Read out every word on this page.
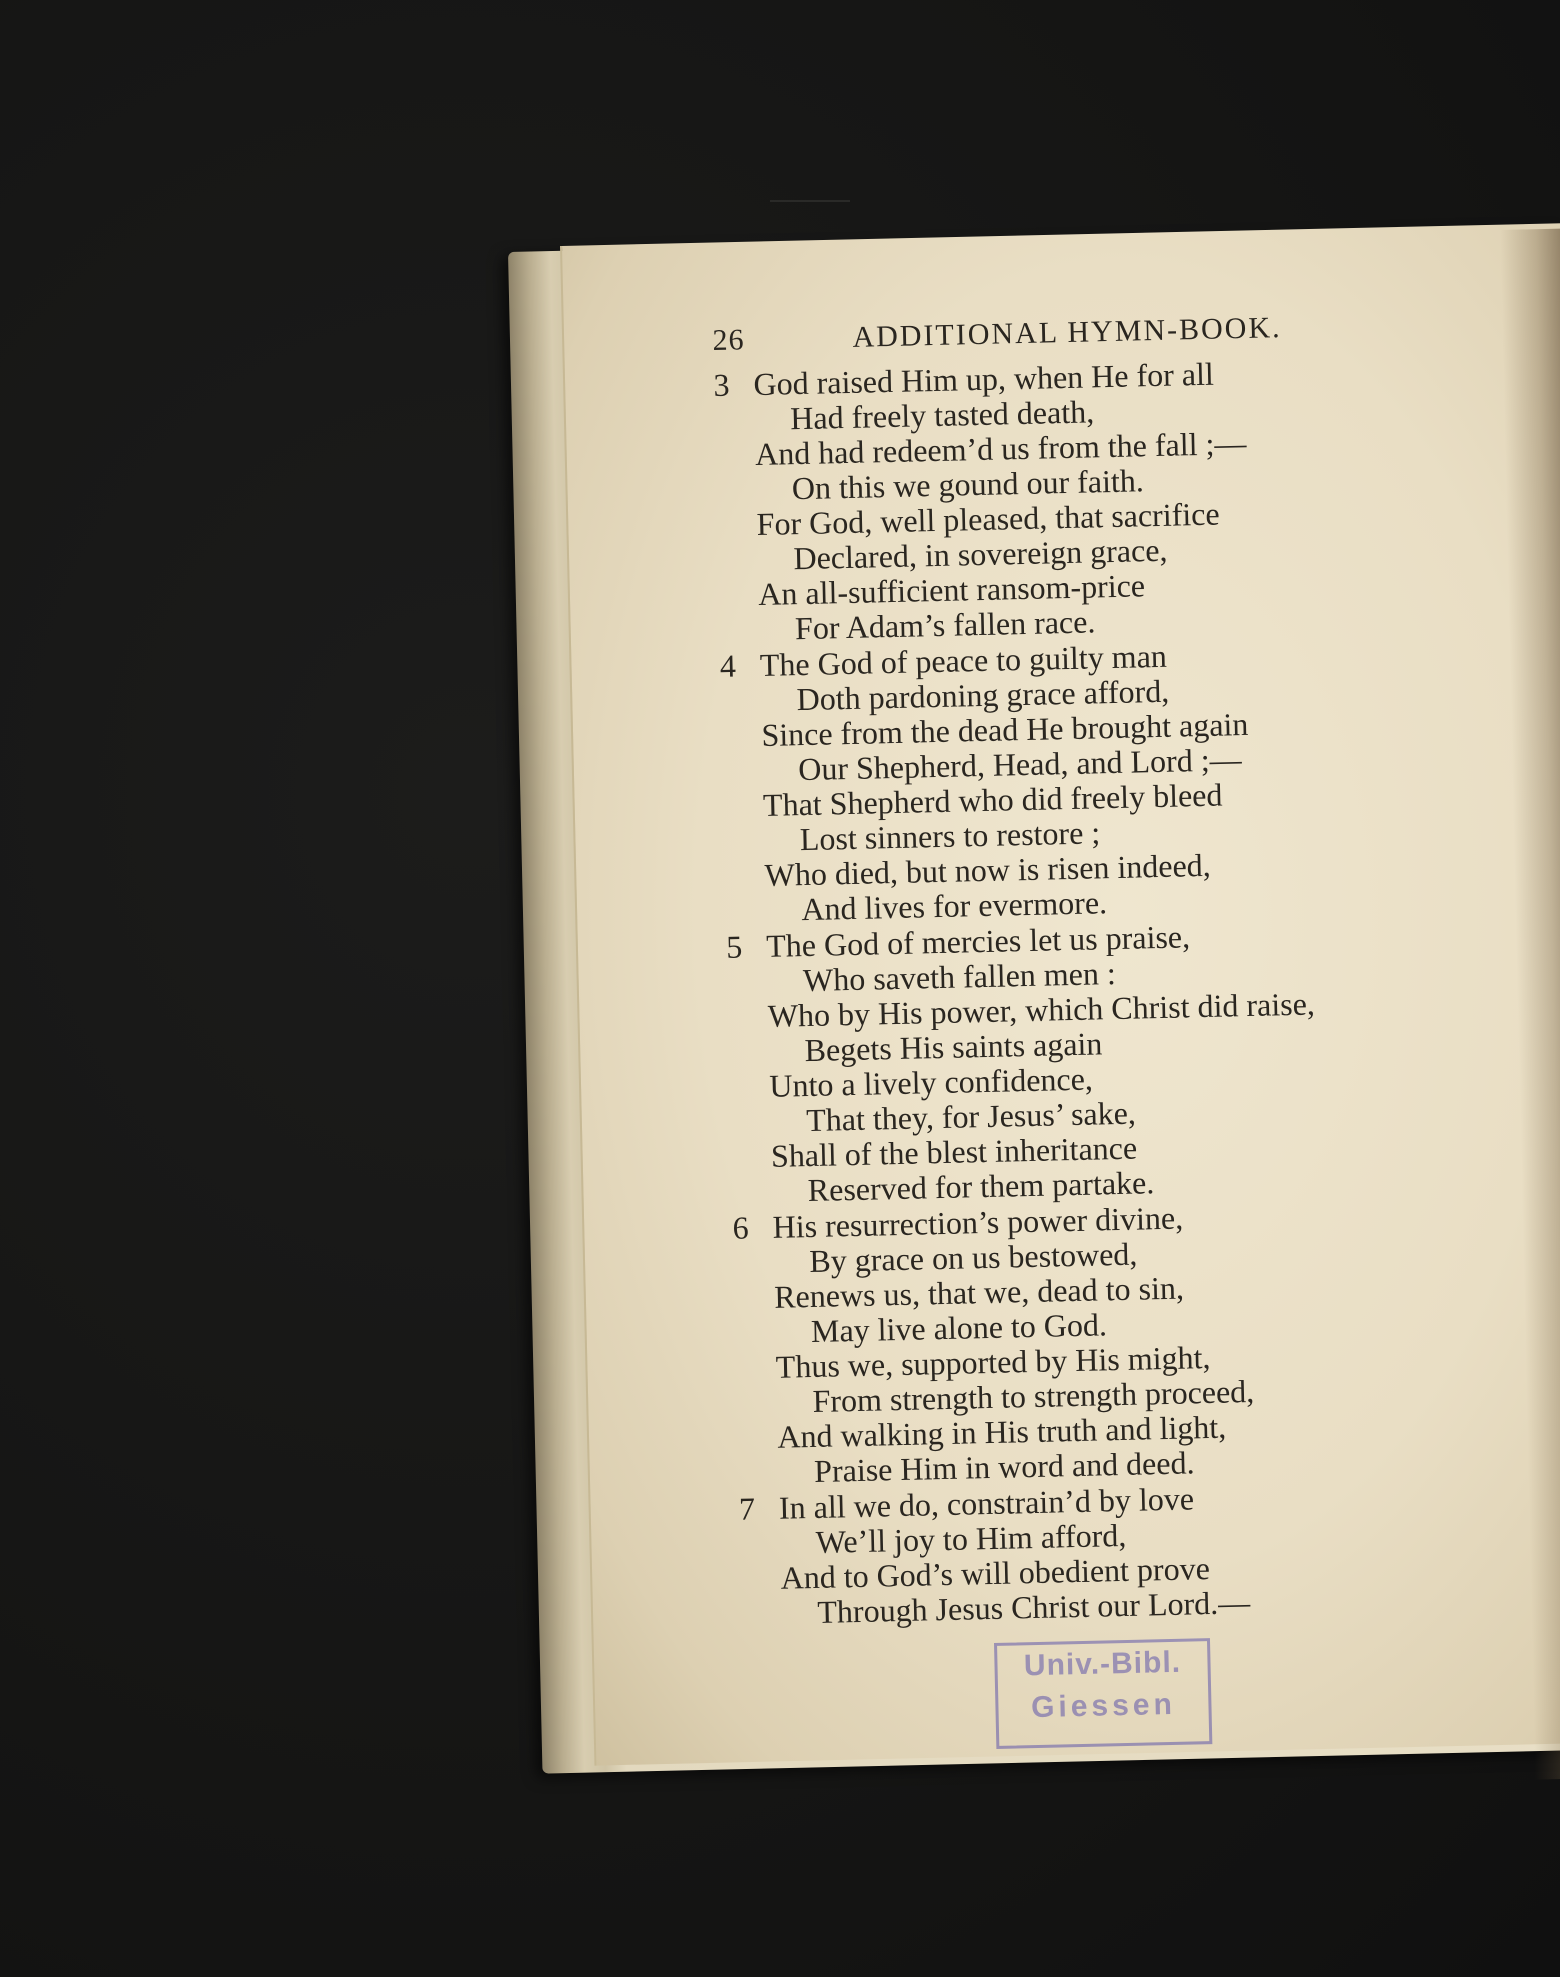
26	ADDITIONAL HYMN-BOOK.
3 God raised Him up, when He for all
Had freely tasted death,
And had redeem’d us from the fall ;—
On this we gound our faith.
For God, well pleased, that sacrifice
Declared, in sovereign grace,
An all-sufficient ransom-price
For Adam’s fallen race.
4 The God of peace to guilty man
Doth pardoning grace afford,
Since from the dead He brought again
Our Shepherd, Head, and Lord ;—
That Shepherd who did freely bleed
Lost sinners to restore ;
Who died, but now is risen indeed,
And lives for evermore.
5 The God of mercies let us praise,
Who saveth fallen men :
Who by His power, which Christ did raise,
Begets His saints again
Unto a lively confidence,
That they, for Jesus’ sake,
Shall of the blest inheritance
Reserved for them partake.
6 His resurrection’s power divine,
By grace on us bestowed,
Renews us, that we, dead to sin,
May live alone to God.
Thus we, supported by His might,
From strength to strength proceed,
And walking in His truth and light,
Praise Him in word and deed.
7 In all we do, constrain’d by love
We’ll joy to Him afford,
And to God’s will obedient prove
Through Jesus Christ our Lord.—
Univ.-Bibl.
Giessen
